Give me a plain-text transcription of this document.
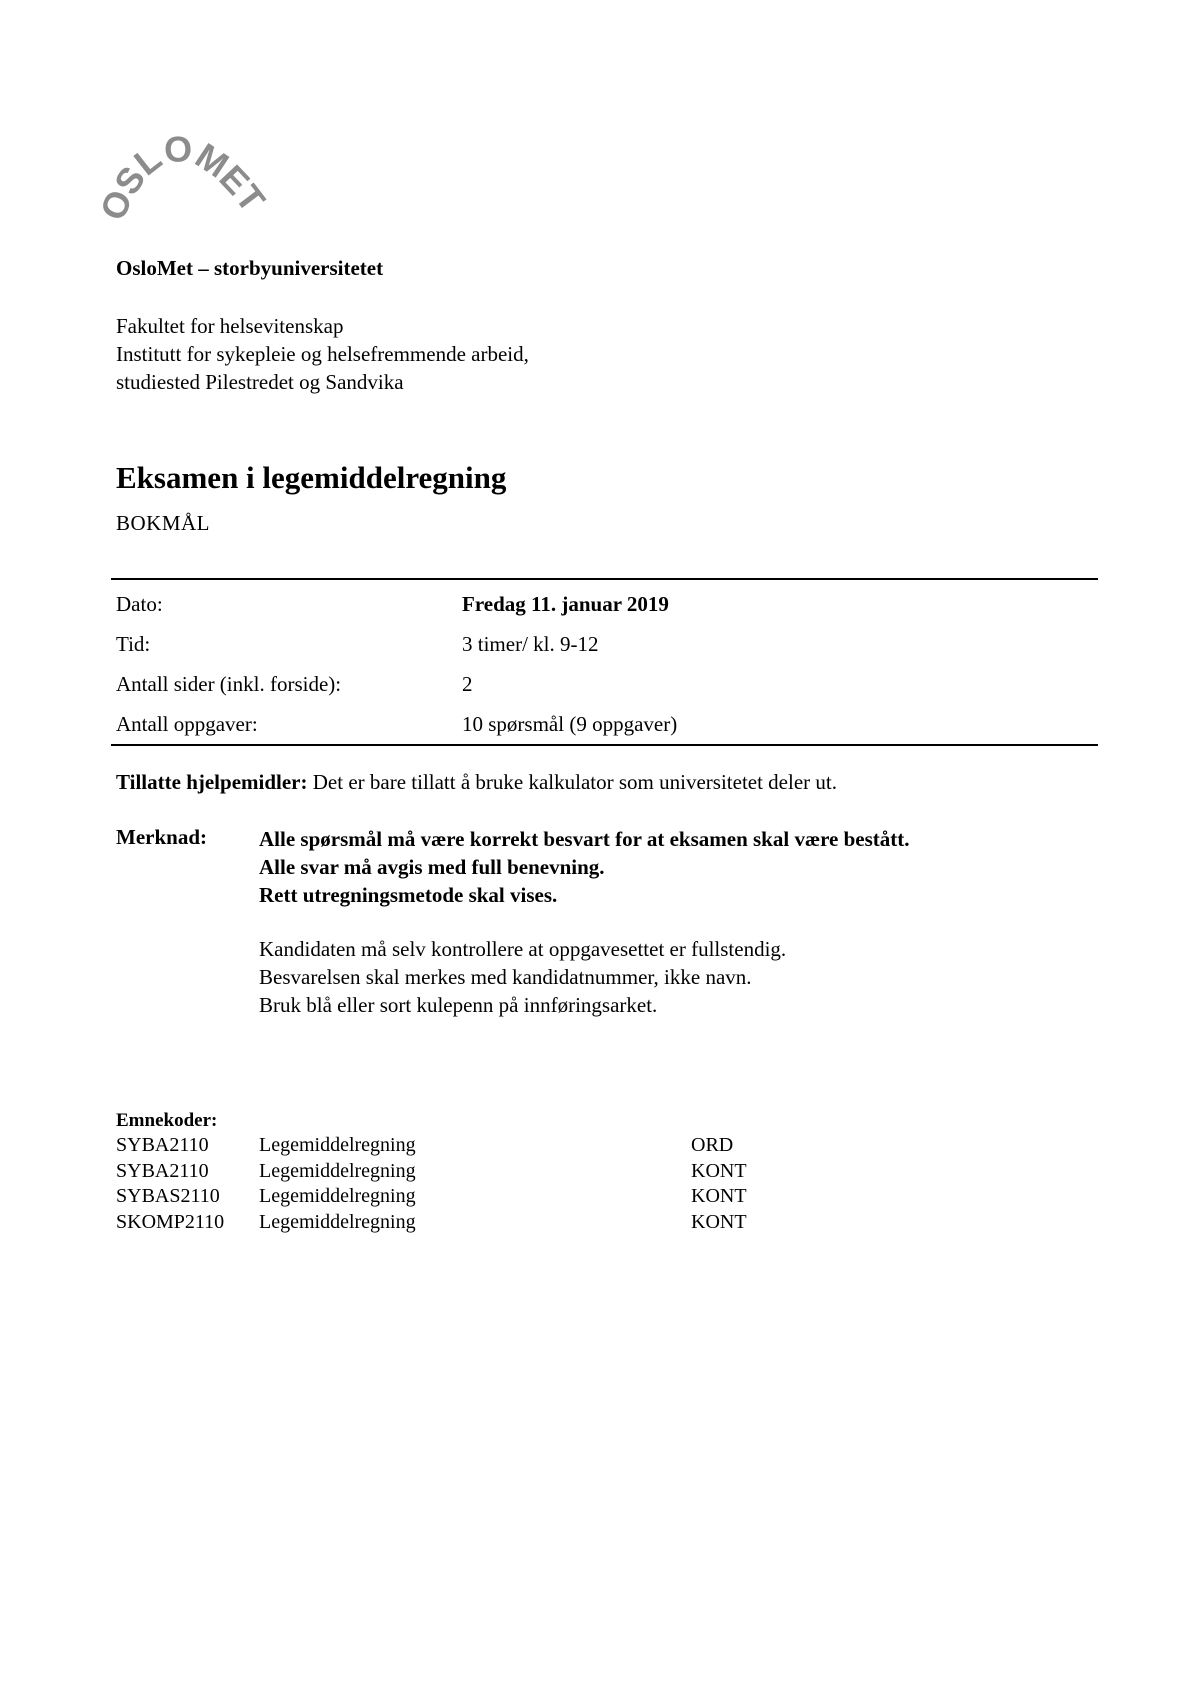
OSLOMET
OsloMet – storbyuniversitetet
Fakultet for helsevitenskap
Institutt for sykepleie og helsefremmende arbeid,
studiested Pilestredet og Sandvika
Eksamen i legemiddelregning
BOKMÅL
Dato:	Fredag 11. januar 2019
Tid:	3 timer/ kl. 9-12
Antall sider (inkl. forside):	2
Antall oppgaver:	10 spørsmål (9 oppgaver)
Tillatte hjelpemidler: Det er bare tillatt å bruke kalkulator som universitetet deler ut.
Merknad: Alle spørsmål må være korrekt besvart for at eksamen skal være bestått.
Alle svar må avgis med full benevning.
Rett utregningsmetode skal vises.
Kandidaten må selv kontrollere at oppgavesettet er fullstendig.
Besvarelsen skal merkes med kandidatnummer, ikke navn.
Bruk blå eller sort kulepenn på innføringsarket.
Emnekoder:
SYBA2110	Legemiddelregning	ORD
SYBA2110	Legemiddelregning	KONT
SYBAS2110	Legemiddelregning	KONT
SKOMP2110	Legemiddelregning	KONT
